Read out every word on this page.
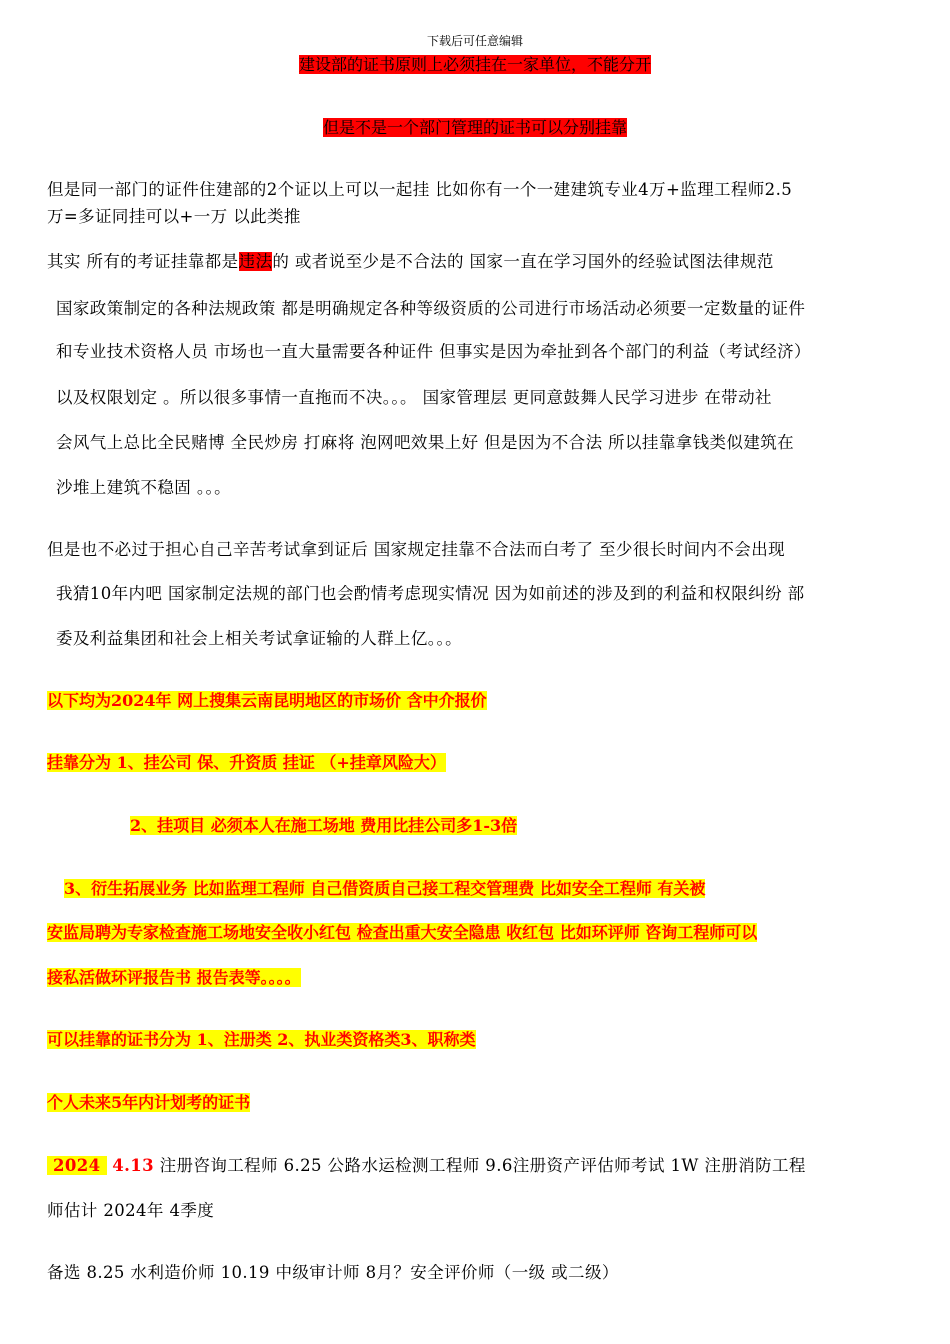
下载后可任意编辑
建设部的证书原则上必须挂在一家单位，不能分开
但是不是一个部门管理的证书可以分别挂靠
但是同一部门的证件住建部的2个证以上可以一起挂 比如你有一个一建建筑专业4万+监理工程师2.5
万=多证同挂可以+一万 以此类推
其实 所有的考证挂靠都是违法的 或者说至少是不合法的 国家一直在学习国外的经验试图法律规范
国家政策制定的各种法规政策 都是明确规定各种等级资质的公司进行市场活动必须要一定数量的证件
和专业技术资格人员 市场也一直大量需要各种证件 但事实是因为牵扯到各个部门的利益（考试经济）
以及权限划定 。所以很多事情一直拖而不决。。。 国家管理层 更同意鼓舞人民学习进步 在带动社
会风气上总比全民赌博 全民炒房 打麻将 泡网吧效果上好 但是因为不合法 所以挂靠拿钱类似建筑在
沙堆上建筑不稳固 。。。
但是也不必过于担心自己辛苦考试拿到证后 国家规定挂靠不合法而白考了 至少很长时间内不会出现
我猜10年内吧 国家制定法规的部门也会酌情考虑现实情况 因为如前述的涉及到的利益和权限纠纷 部
委及利益集团和社会上相关考试拿证输的人群上亿。。。
以下均为2024年 网上搜集云南昆明地区的市场价 含中介报价
挂靠分为 1、挂公司 保、升资质 挂证 （+挂章风险大）
2、挂项目 必须本人在施工场地 费用比挂公司多1-3倍
3、衍生拓展业务 比如监理工程师 自己借资质自己接工程交管理费 比如安全工程师 有关被
安监局聘为专家检查施工场地安全收小红包 检查出重大安全隐患 收红包 比如环评师 咨询工程师可以
接私活做环评报告书 报告表等。。。。
可以挂靠的证书分为 1、注册类 2、执业类资格类3、职称类
个人未来5年内计划考的证书
2024 4.13 注册咨询工程师 6.25 公路水运检测工程师 9.6注册资产评估师考试 1W 注册消防工程
师估计 2024年 4季度
备选 8.25 水利造价师 10.19 中级审计师 8月？安全评价师（一级 或二级）
